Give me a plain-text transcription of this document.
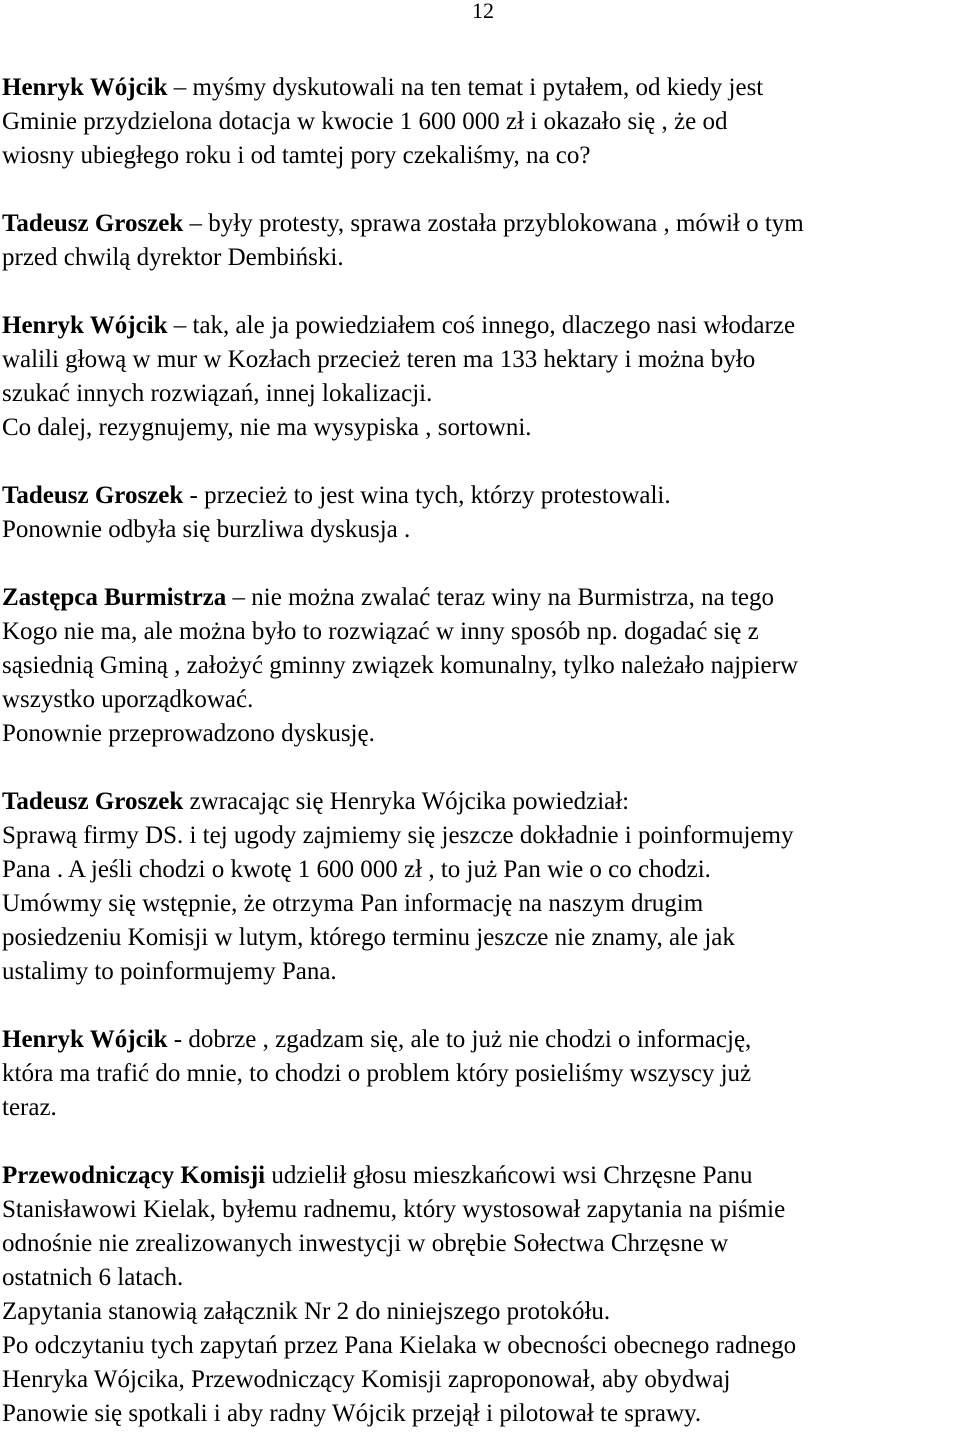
12
Henryk Wójcik – myśmy dyskutowali na ten temat i pytałem, od kiedy jest
Gminie przydzielona dotacja w kwocie 1 600 000 zł i okazało się , że od
wiosny ubiegłego roku i od tamtej pory czekaliśmy, na co?
Tadeusz Groszek – były protesty, sprawa została przyblokowana , mówił o tym
przed chwilą dyrektor Dembiński.
Henryk Wójcik – tak, ale ja powiedziałem coś innego, dlaczego nasi włodarze
walili głową w mur w Kozłach przecież teren ma 133 hektary i można było
szukać innych rozwiązań, innej lokalizacji.
Co dalej, rezygnujemy, nie ma wysypiska , sortowni.
Tadeusz Groszek - przecież to jest wina tych, którzy protestowali.
Ponownie odbyła się burzliwa dyskusja .
Zastępca Burmistrza – nie można zwalać teraz winy na Burmistrza, na tego
Kogo nie ma, ale można było to rozwiązać w inny sposób np. dogadać się z
sąsiednią Gminą , założyć gminny związek komunalny, tylko należało najpierw
wszystko uporządkować.
Ponownie przeprowadzono dyskusję.
Tadeusz Groszek zwracając się Henryka Wójcika powiedział:
Sprawą firmy DS. i tej ugody zajmiemy się jeszcze dokładnie i poinformujemy
Pana . A jeśli chodzi o kwotę 1 600 000 zł , to już Pan wie o co chodzi.
Umówmy się wstępnie, że otrzyma Pan informację na naszym drugim
posiedzeniu Komisji w lutym, którego terminu jeszcze nie znamy, ale jak
ustalimy to poinformujemy Pana.
Henryk Wójcik - dobrze , zgadzam się, ale to już nie chodzi o informację,
która ma trafić do mnie, to chodzi o problem który posieliśmy wszyscy już
teraz.
Przewodniczący Komisji udzielił głosu mieszkańcowi wsi Chrzęsne Panu
Stanisławowi Kielak, byłemu radnemu, który wystosował zapytania na piśmie
odnośnie nie zrealizowanych inwestycji w obrębie Sołectwa Chrzęsne w
ostatnich 6 latach.
Zapytania stanowią załącznik Nr 2 do niniejszego protokółu.
Po odczytaniu tych zapytań przez Pana Kielaka w obecności obecnego radnego
Henryka Wójcika, Przewodniczący Komisji zaproponował, aby obydwaj
Panowie się spotkali i aby radny Wójcik przejął i pilotował te sprawy.
